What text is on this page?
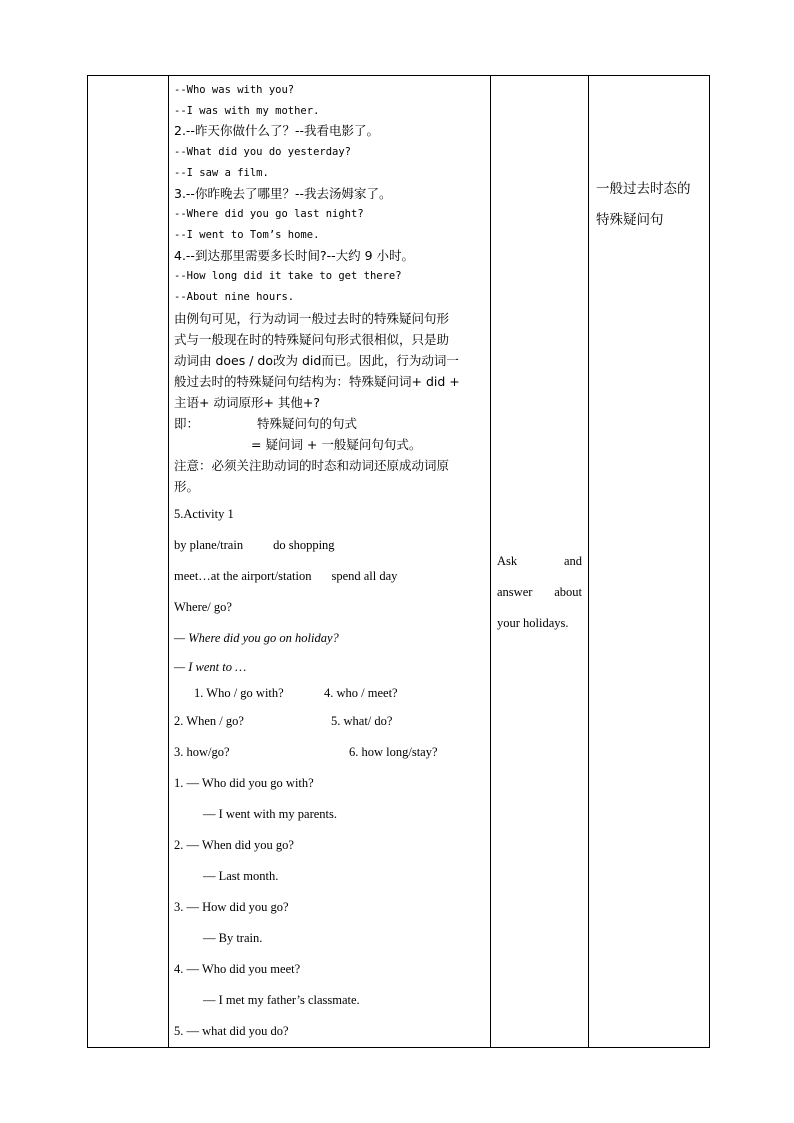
--Who was with you?
--I was with my mother.
2.--昨天你做什么了？--我看电影了。
--What did you do yesterday?
--I saw a film.
3.--你昨晚去了哪里？--我去汤姆家了。
--Where did you go last night?
--I went to Tom’s home.
4.--到达那里需要多长时间?--大约 9 小时。
--How long did it take to get there?
--About nine hours.
由例句可见，行为动词一般过去时的特殊疑问句形
式与一般现在时的特殊疑问句形式很相似，只是助
动词由 does / do改为 did而已。因此，行为动词一
般过去时的特殊疑问句结构为：特殊疑问词+ did +
主语+ 动词原形+ 其他+?
即：	特殊疑问句的句式
= 疑问词 + 一般疑问句句式。
注意：必须关注助动词的时态和动词还原成动词原
形。
5.Activity 1
by plane/train do shopping
meet…at the airport/station spend all day
Where/ go?
— Where did you go on holiday?
— I went to …
1. Who / go with?	4. who / meet?
2. When / go?	5. what/ do?
3. how/go?	6. how long/stay?
1. — Who did you go with?
— I went with my parents.
2. — When did you go?
— Last month.
3. — How did you go?
— By train.
4. — Who did you meet?
— I met my father’s classmate.
5. — what did you do?

Ask and
answer about
your holidays.

一般过去时态的
特殊疑问句
